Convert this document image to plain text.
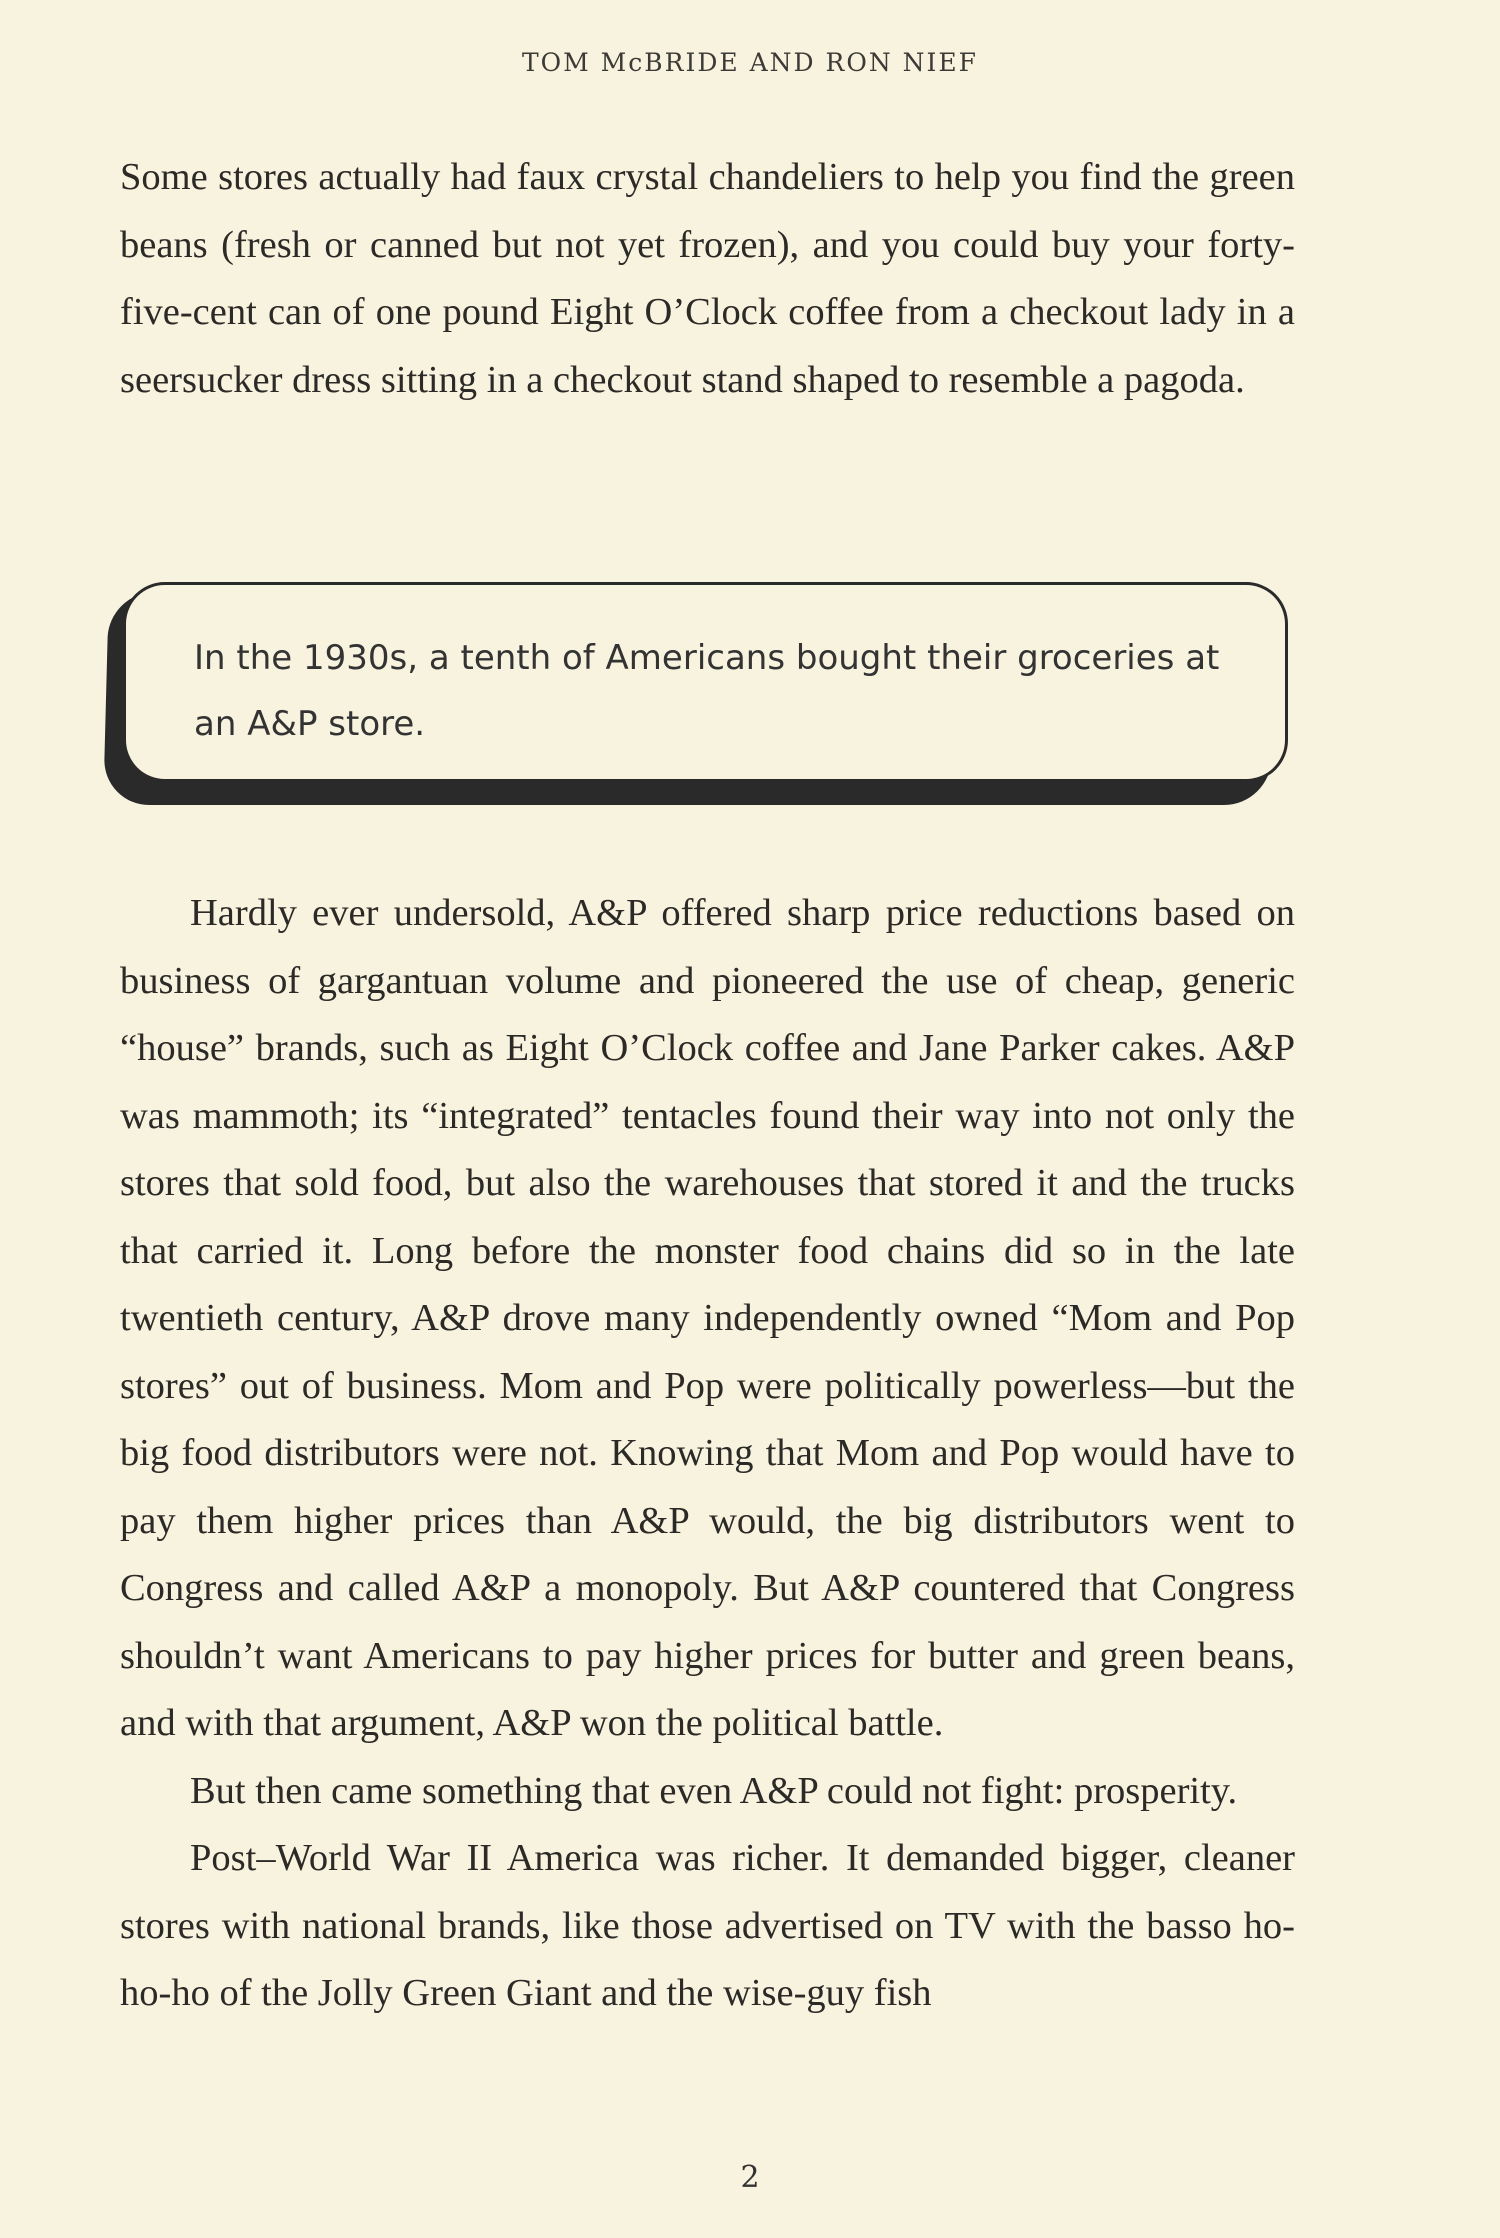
TOM McBRIDE AND RON NIEF

Some stores actually had faux crystal chandeliers to help you find the green beans (fresh or canned but not yet frozen), and you could buy your forty-five-cent can of one pound Eight O’Clock coffee from a checkout lady in a seersucker dress sitting in a checkout stand shaped to resemble a pagoda.

In the 1930s, a tenth of Americans bought their groceries at an A&P store.

Hardly ever undersold, A&P offered sharp price reductions based on business of gargantuan volume and pioneered the use of cheap, generic “house” brands, such as Eight O’Clock coffee and Jane Parker cakes. A&P was mammoth; its “integrated” tentacles found their way into not only the stores that sold food, but also the warehouses that stored it and the trucks that carried it. Long before the monster food chains did so in the late twentieth century, A&P drove many independently owned “Mom and Pop stores” out of business. Mom and Pop were politically powerless—but the big food distributors were not. Knowing that Mom and Pop would have to pay them higher prices than A&P would, the big distributors went to Congress and called A&P a monopoly. But A&P countered that Congress shouldn’t want Americans to pay higher prices for butter and green beans, and with that argument, A&P won the political battle.

But then came something that even A&P could not fight: prosperity.

Post–World War II America was richer. It demanded bigger, cleaner stores with national brands, like those advertised on TV with the basso ho-ho-ho of the Jolly Green Giant and the wise-guy fish

2
